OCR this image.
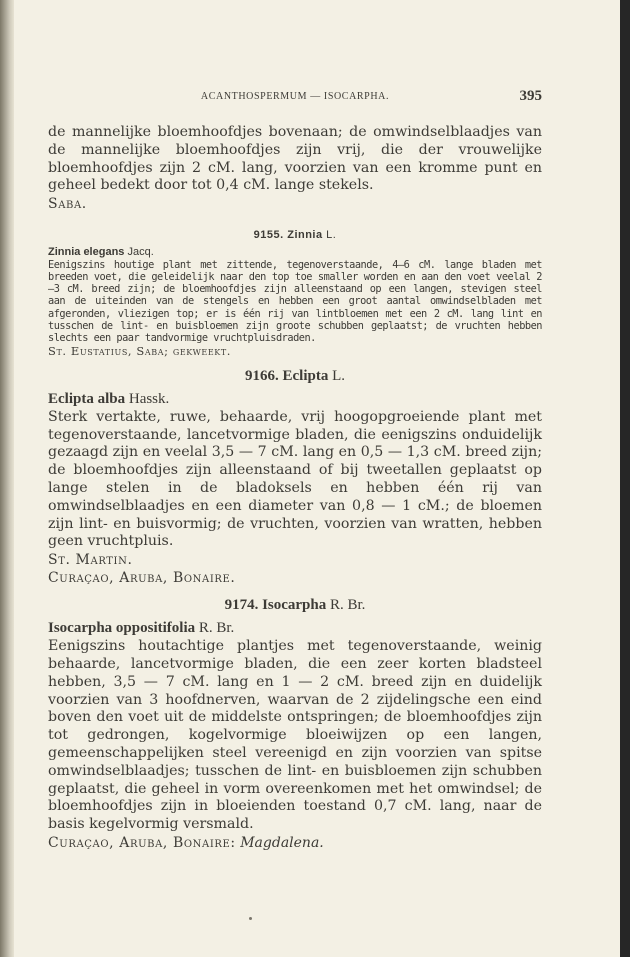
ACANTHOSPERMUM — ISOCARPHA.	395

de mannelijke bloemhoofdjes bovenaan; de omwindselblaadjes van de mannelijke bloemhoofdjes zijn vrij, die der vrouwelijke bloemhoofdjes zijn 2 cM. lang, voorzien van een kromme punt en geheel bedekt door tot 0,4 cM. lange stekels.

Saba.

9155. Zinnia L.

Zinnia elegans Jacq.

Eenigszins houtige plant met zittende, tegenoverstaande, 4—6 cM. lange bladen met breeden voet, die geleidelijk naar den top toe smaller worden en aan den voet veelal 2—3 cM. breed zijn; de bloemhoofdjes zijn alleenstaand op een langen, stevigen steel aan de uiteinden van de stengels en hebben een groot aantal omwindselbladen met afgeronden, vliezigen top; er is één rij van lintbloemen met een 2 cM. lang lint en tusschen de lint- en buisbloemen zijn groote schubben geplaatst; de vruchten hebben slechts een paar tandvormige vruchtpluisdraden.

St. Eustatius, Saba; gekweekt.

9166. Eclipta L.

Eclipta alba Hassk.

Sterk vertakte, ruwe, behaarde, vrij hoogopgroeiende plant met tegenoverstaande, lancetvormige bladen, die eenigszins onduidelijk gezaagd zijn en veelal 3,5 — 7 cM. lang en 0,5 — 1,3 cM. breed zijn; de bloemhoofdjes zijn alleenstaand of bij tweetallen geplaatst op lange stelen in de bladoksels en hebben één rij van omwindselblaadjes en een diameter van 0,8 — 1 cM.; de bloemen zijn lint- en buisvormig; de vruchten, voorzien van wratten, hebben geen vruchtpluis.

St. Martin.

Curaçao, Aruba, Bonaire.

9174. Isocarpha R. Br.

Isocarpha oppositifolia R. Br.

Eenigszins houtachtige plantjes met tegenoverstaande, weinig behaarde, lancetvormige bladen, die een zeer korten bladsteel hebben, 3,5 — 7 cM. lang en 1 — 2 cM. breed zijn en duidelijk voorzien van 3 hoofdnerven, waarvan de 2 zijdelingsche een eind boven den voet uit de middelste ontspringen; de bloemhoofdjes zijn tot gedrongen, kogelvormige bloeiwijzen op een langen, gemeenschappelijken steel vereenigd en zijn voorzien van spitse omwindselblaadjes; tusschen de lint- en buisbloemen zijn schubben geplaatst, die geheel in vorm overeenkomen met het omwindsel; de bloemhoofdjes zijn in bloeienden toestand 0,7 cM. lang, naar de basis kegelvormig versmald.

Curaçao, Aruba, Bonaire: Magdalena.
